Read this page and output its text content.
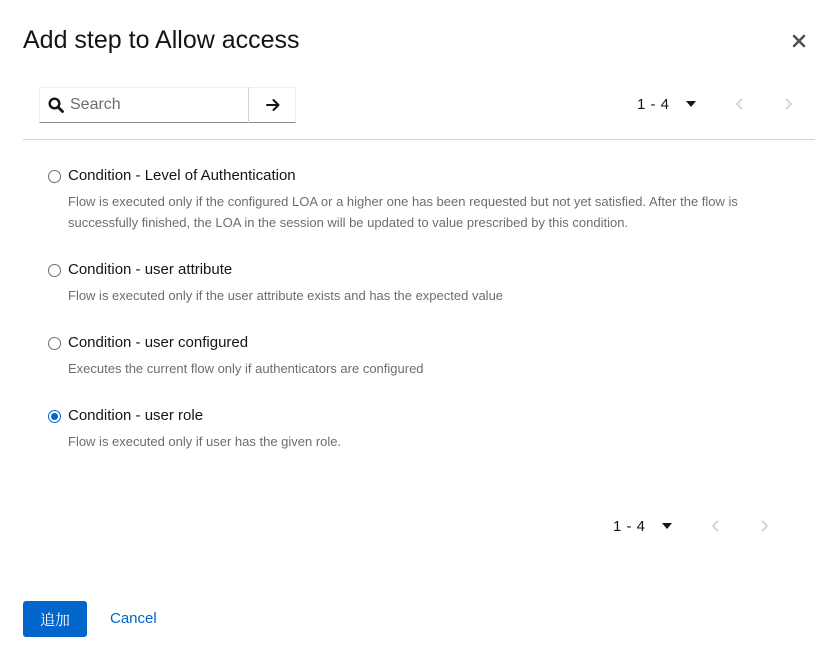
Add step to Allow access
Search
1 - 4
Condition - Level of Authentication
Flow is executed only if the configured LOA or a higher one has been requested but not yet satisfied. After the flow is successfully finished, the LOA in the session will be updated to value prescribed by this condition.
Condition - user attribute
Flow is executed only if the user attribute exists and has the expected value
Condition - user configured
Executes the current flow only if authenticators are configured
Condition - user role
Flow is executed only if user has the given role.
1 - 4
追加	Cancel
